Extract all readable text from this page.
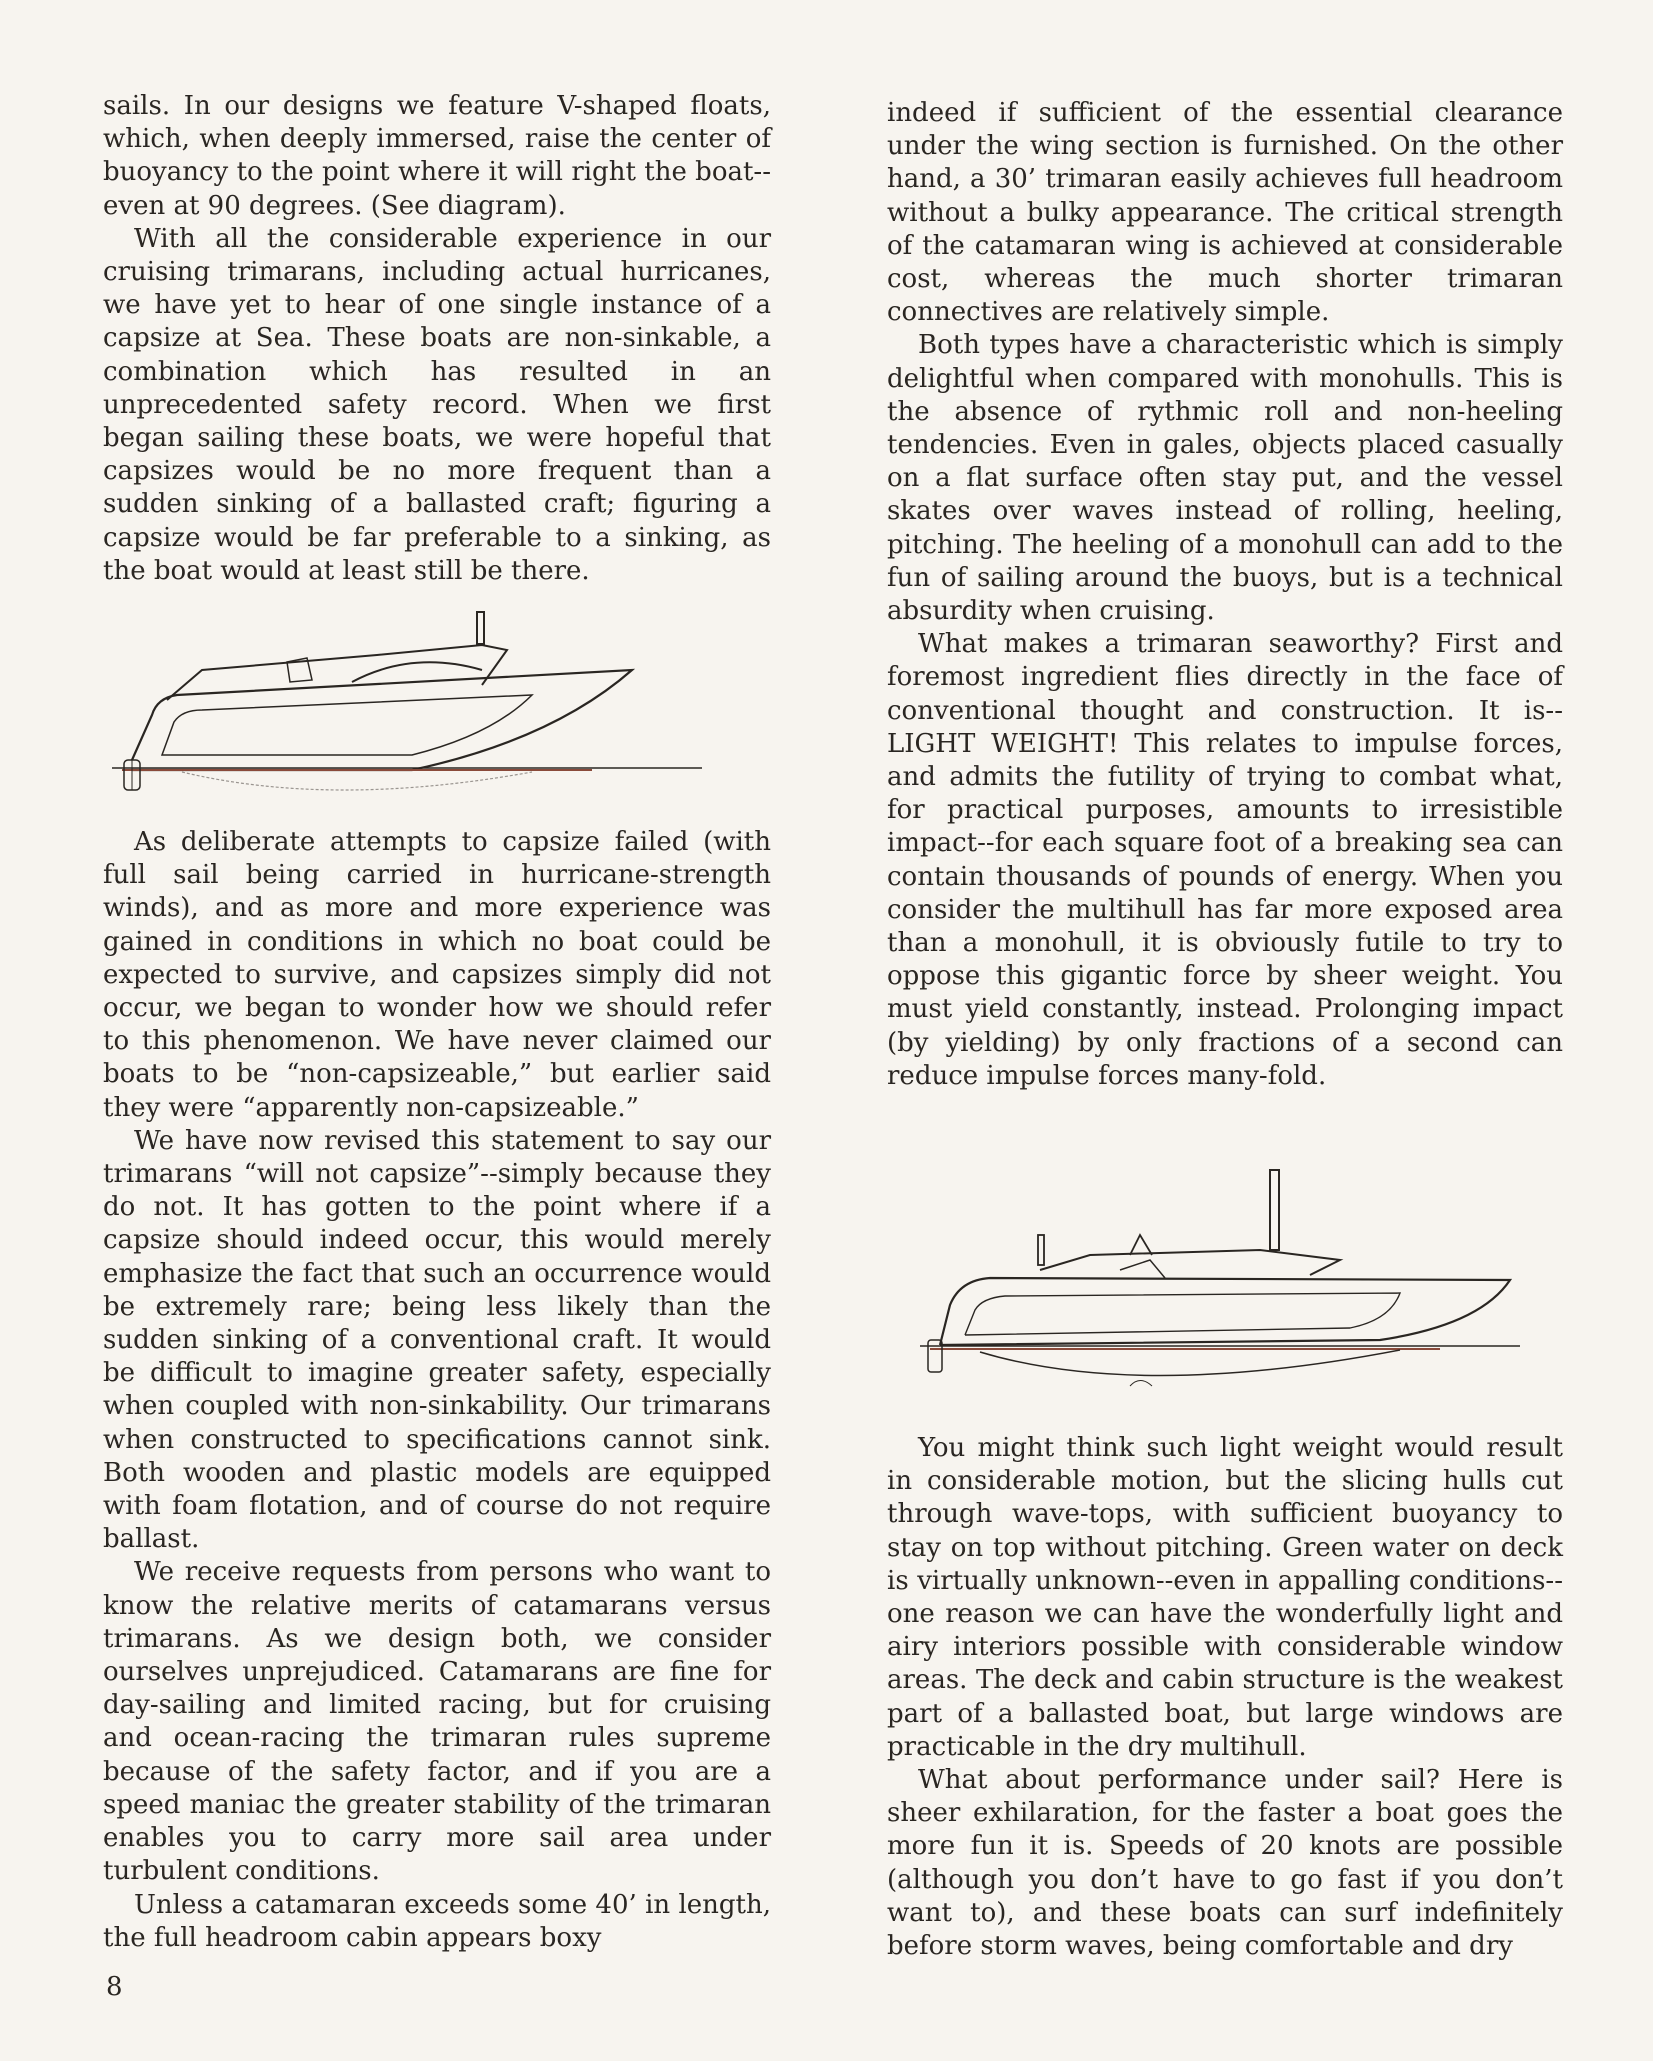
sails. In our designs we feature V-shaped floats, which, when deeply immersed, raise the center of buoyancy to the point where it will right the boat--even at 90 degrees. (See diagram).

With all the considerable experience in our cruising trimarans, including actual hurricanes, we have yet to hear of one single instance of a capsize at Sea. These boats are non-sinkable, a combination which has resulted in an unprecedented safety record. When we first began sailing these boats, we were hopeful that capsizes would be no more frequent than a sudden sinking of a ballasted craft; figuring a capsize would be far preferable to a sinking, as the boat would at least still be there.

As deliberate attempts to capsize failed (with full sail being carried in hurricane-strength winds), and as more and more experience was gained in conditions in which no boat could be expected to survive, and capsizes simply did not occur, we began to wonder how we should refer to this phenomenon. We have never claimed our boats to be “non-capsizeable,” but earlier said they were “apparently non-capsizeable.”

We have now revised this statement to say our trimarans “will not capsize”--simply because they do not. It has gotten to the point where if a capsize should indeed occur, this would merely emphasize the fact that such an occurrence would be extremely rare; being less likely than the sudden sinking of a conventional craft. It would be difficult to imagine greater safety, especially when coupled with non-sinkability. Our trimarans when constructed to specifications cannot sink. Both wooden and plastic models are equipped with foam flotation, and of course do not require ballast.

We receive requests from persons who want to know the relative merits of catamarans versus trimarans. As we design both, we consider ourselves unprejudiced. Catamarans are fine for day-sailing and limited racing, but for cruising and ocean-racing the trimaran rules supreme because of the safety factor, and if you are a speed maniac the greater stability of the trimaran enables you to carry more sail area under turbulent conditions.

Unless a catamaran exceeds some 40’ in length, the full headroom cabin appears boxy

indeed if sufficient of the essential clearance under the wing section is furnished. On the other hand, a 30’ trimaran easily achieves full headroom without a bulky appearance. The critical strength of the catamaran wing is achieved at considerable cost, whereas the much shorter trimaran connectives are relatively simple.

Both types have a characteristic which is simply delightful when compared with monohulls. This is the absence of rythmic roll and non-heeling tendencies. Even in gales, objects placed casually on a flat surface often stay put, and the vessel skates over waves instead of rolling, heeling, pitching. The heeling of a monohull can add to the fun of sailing around the buoys, but is a technical absurdity when cruising.

What makes a trimaran seaworthy? First and foremost ingredient flies directly in the face of conventional thought and construction. It is--LIGHT WEIGHT! This relates to impulse forces, and admits the futility of trying to combat what, for practical purposes, amounts to irresistible impact--for each square foot of a breaking sea can contain thousands of pounds of energy. When you consider the multihull has far more exposed area than a monohull, it is obviously futile to try to oppose this gigantic force by sheer weight. You must yield constantly, instead. Prolonging impact (by yielding) by only fractions of a second can reduce impulse forces many-fold.

You might think such light weight would result in considerable motion, but the slicing hulls cut through wave-tops, with sufficient buoyancy to stay on top without pitching. Green water on deck is virtually unknown--even in appalling conditions--one reason we can have the wonderfully light and airy interiors possible with considerable window areas. The deck and cabin structure is the weakest part of a ballasted boat, but large windows are practicable in the dry multihull.

What about performance under sail? Here is sheer exhilaration, for the faster a boat goes the more fun it is. Speeds of 20 knots are possible (although you don’t have to go fast if you don’t want to), and these boats can surf indefinitely before storm waves, being comfortable and dry

8
